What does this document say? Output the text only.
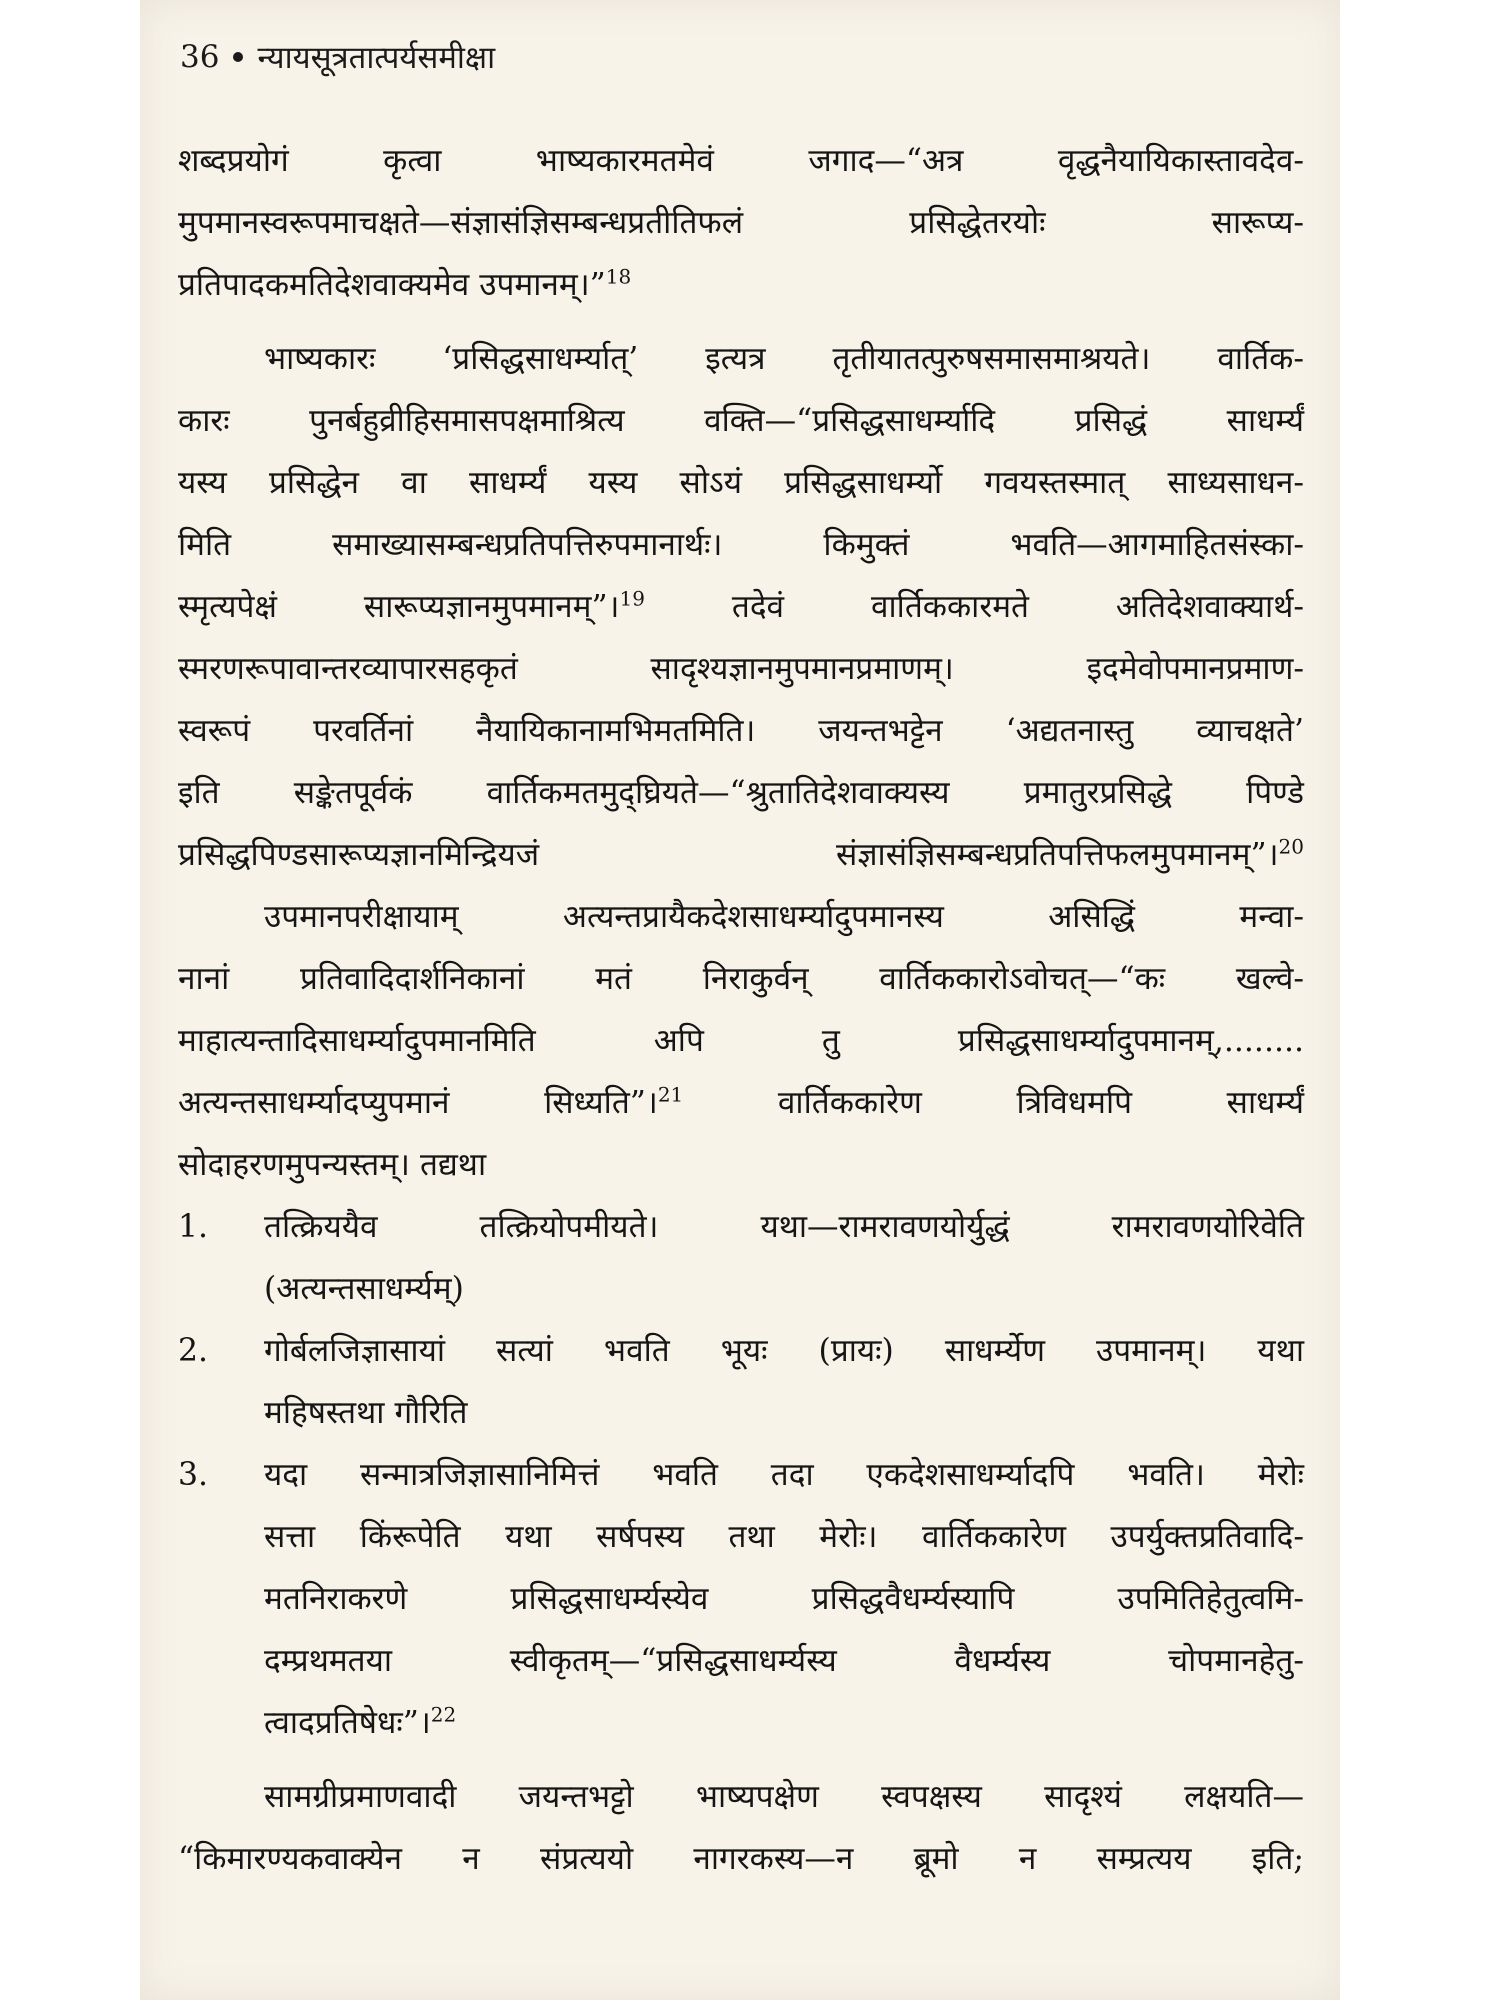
36 न्यायसूत्रतात्पर्यसमीक्षा

शब्दप्रयोगं कृत्वा भाष्यकारमतमेवं जगाद—“अत्र वृद्धनैयायिकास्तावदेव-

मुपमानस्वरूपमाचक्षते—संज्ञासंज्ञिसम्बन्धप्रतीतिफलं प्रसिद्धेतरयोः सारूप्य-

प्रतिपादकमतिदेशवाक्यमेव उपमानम्।”$^{18}$

भाष्यकारः ‘प्रसिद्धसाधर्म्यात्’ इत्यत्र तृतीयातत्पुरुषसमासमाश्रयते। वार्तिक-

कारः पुनर्बहुव्रीहिसमासपक्षमाश्रित्य वक्ति—“प्रसिद्धसाधर्म्यादि प्रसिद्धं साधर्म्यं

यस्य प्रसिद्धेन वा साधर्म्यं यस्य सोऽयं प्रसिद्धसाधर्म्यो गवयस्तस्मात् साध्यसाधन-

मिति समाख्यासम्बन्धप्रतिपत्तिरुपमानार्थः। किमुक्तं भवति—आगमाहितसंस्का-

स्मृत्यपेक्षं सारूप्यज्ञानमुपमानम्”।$^{19}$ तदेवं वार्तिककारमते अतिदेशवाक्यार्थ-

स्मरणरूपावान्तरव्यापारसहकृतं सादृश्यज्ञानमुपमानप्रमाणम्। इदमेवोपमानप्रमाण-

स्वरूपं परवर्तिनां नैयायिकानामभिमतमिति। जयन्तभट्टेन ‘अद्यतनास्तु व्याचक्षते’

इति सङ्केतपूर्वकं वार्तिकमतमुद्घ्रियते—“श्रुतातिदेशवाक्यस्य प्रमातुरप्रसिद्धे पिण्डे

प्रसिद्धपिण्डसारूप्यज्ञानमिन्द्रियजं संज्ञासंज्ञिसम्बन्धप्रतिपत्तिफलमुपमानम्”।$^{20}$

उपमानपरीक्षायाम् अत्यन्तप्रायैकदेशसाधर्म्यादुपमानस्य असिद्धिं मन्वा-

नानां प्रतिवादिदार्शनिकानां मतं निराकुर्वन् वार्तिककारोऽवोचत्—“कः खल्वे-

माहात्यन्तादिसाधर्म्यादुपमानमिति अपि तु प्रसिद्धसाधर्म्यादुपमानम्,........

अत्यन्तसाधर्म्यादप्युपमानं सिध्यति”।$^{21}$ वार्तिककारेण त्रिविधमपि साधर्म्यं

सोदाहरणमुपन्यस्तम्। तद्यथा

1.	तत्क्रिययैव तत्क्रियोपमीयते। यथा—रामरावणयोर्युद्धं रामरावणयोरिवेति

(अत्यन्तसाधर्म्यम्)

2.	गोर्बलजिज्ञासायां सत्यां भवति भूयः (प्रायः) साधर्म्येण उपमानम्। यथा

महिषस्तथा गौरिति

3.	यदा सन्मात्रजिज्ञासानिमित्तं भवति तदा एकदेशसाधर्म्यादपि भवति। मेरोः

सत्ता किंरूपेति यथा सर्षपस्य तथा मेरोः। वार्तिककारेण उपर्युक्तप्रतिवादि-

मतनिराकरणे प्रसिद्धसाधर्म्यस्येव प्रसिद्धवैधर्म्यस्यापि उपमितिहेतुत्वमि-

दम्प्रथमतया स्वीकृतम्—“प्रसिद्धसाधर्म्यस्य वैधर्म्यस्य चोपमानहेतु-

त्वादप्रतिषेधः”।$^{22}$

सामग्रीप्रमाणवादी जयन्तभट्टो भाष्यपक्षेण स्वपक्षस्य सादृश्यं लक्षयति—

“किमारण्यकवाक्येन न संप्रत्ययो नागरकस्य—न ब्रूमो न सम्प्रत्यय इति;
